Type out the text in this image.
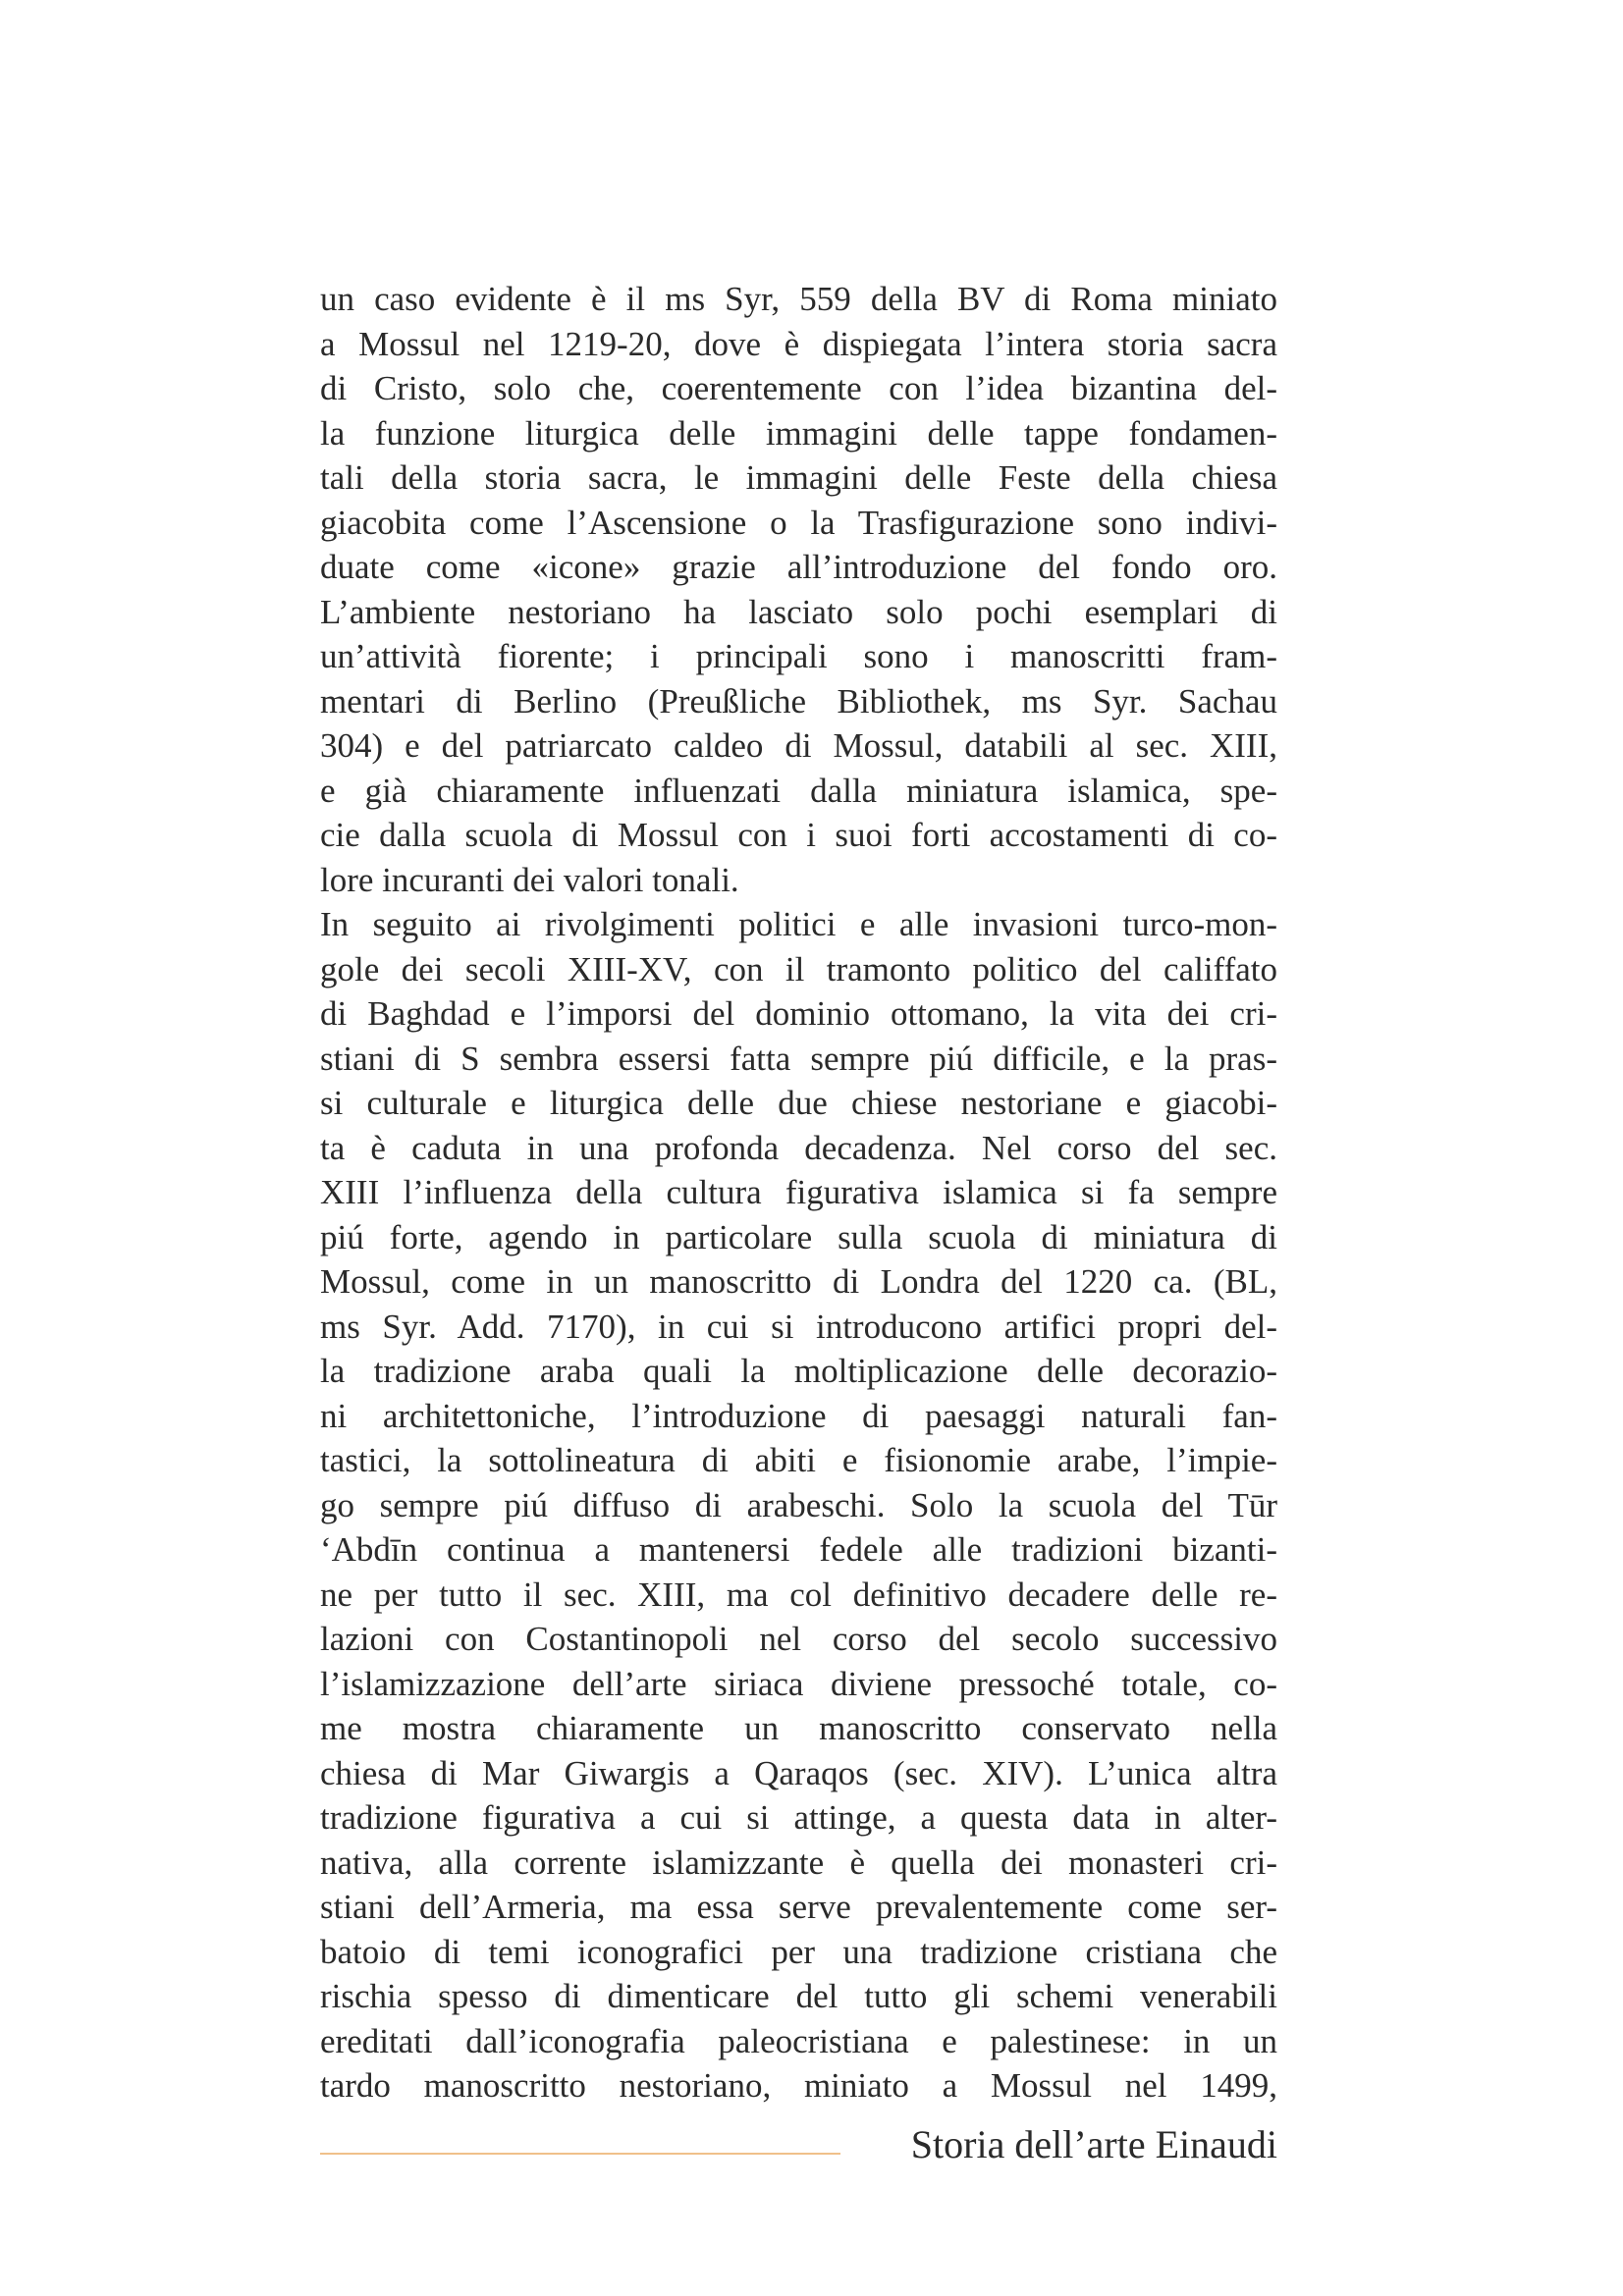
un caso evidente è il ms Syr, 559 della BV di Roma miniato
a Mossul nel 1219-20, dove è dispiegata l’intera storia sacra
di Cristo, solo che, coerentemente con l’idea bizantina del-
la funzione liturgica delle immagini delle tappe fondamen-
tali della storia sacra, le immagini delle Feste della chiesa
giacobita come l’Ascensione o la Trasfigurazione sono indivi-
duate come «icone» grazie all’introduzione del fondo oro.
L’ambiente nestoriano ha lasciato solo pochi esemplari di
un’attività fiorente; i principali sono i manoscritti fram-
mentari di Berlino (Preußliche Bibliothek, ms Syr. Sachau
304) e del patriarcato caldeo di Mossul, databili al sec. XIII,
e già chiaramente influenzati dalla miniatura islamica, spe-
cie dalla scuola di Mossul con i suoi forti accostamenti di co-
lore incuranti dei valori tonali.
In seguito ai rivolgimenti politici e alle invasioni turco-mon-
gole dei secoli XIII-XV, con il tramonto politico del califfato
di Baghdad e l’imporsi del dominio ottomano, la vita dei cri-
stiani di S sembra essersi fatta sempre piú difficile, e la pras-
si culturale e liturgica delle due chiese nestoriane e giacobi-
ta è caduta in una profonda decadenza. Nel corso del sec.
XIII l’influenza della cultura figurativa islamica si fa sempre
piú forte, agendo in particolare sulla scuola di miniatura di
Mossul, come in un manoscritto di Londra del 1220 ca. (BL,
ms Syr. Add. 7170), in cui si introducono artifici propri del-
la tradizione araba quali la moltiplicazione delle decorazio-
ni architettoniche, l’introduzione di paesaggi naturali fan-
tastici, la sottolineatura di abiti e fisionomie arabe, l’impie-
go sempre piú diffuso di arabeschi. Solo la scuola del Tūr
‘Abdīn continua a mantenersi fedele alle tradizioni bizanti-
ne per tutto il sec. XIII, ma col definitivo decadere delle re-
lazioni con Costantinopoli nel corso del secolo successivo
l’islamizzazione dell’arte siriaca diviene pressoché totale, co-
me mostra chiaramente un manoscritto conservato nella
chiesa di Mar Giwargis a Qaraqos (sec. XIV). L’unica altra
tradizione figurativa a cui si attinge, a questa data in alter-
nativa, alla corrente islamizzante è quella dei monasteri cri-
stiani dell’Armeria, ma essa serve prevalentemente come ser-
batoio di temi iconografici per una tradizione cristiana che
rischia spesso di dimenticare del tutto gli schemi venerabili
ereditati dall’iconografia paleocristiana e palestinese: in un
tardo manoscritto nestoriano, miniato a Mossul nel 1499,
Storia dell’arte Einaudi
